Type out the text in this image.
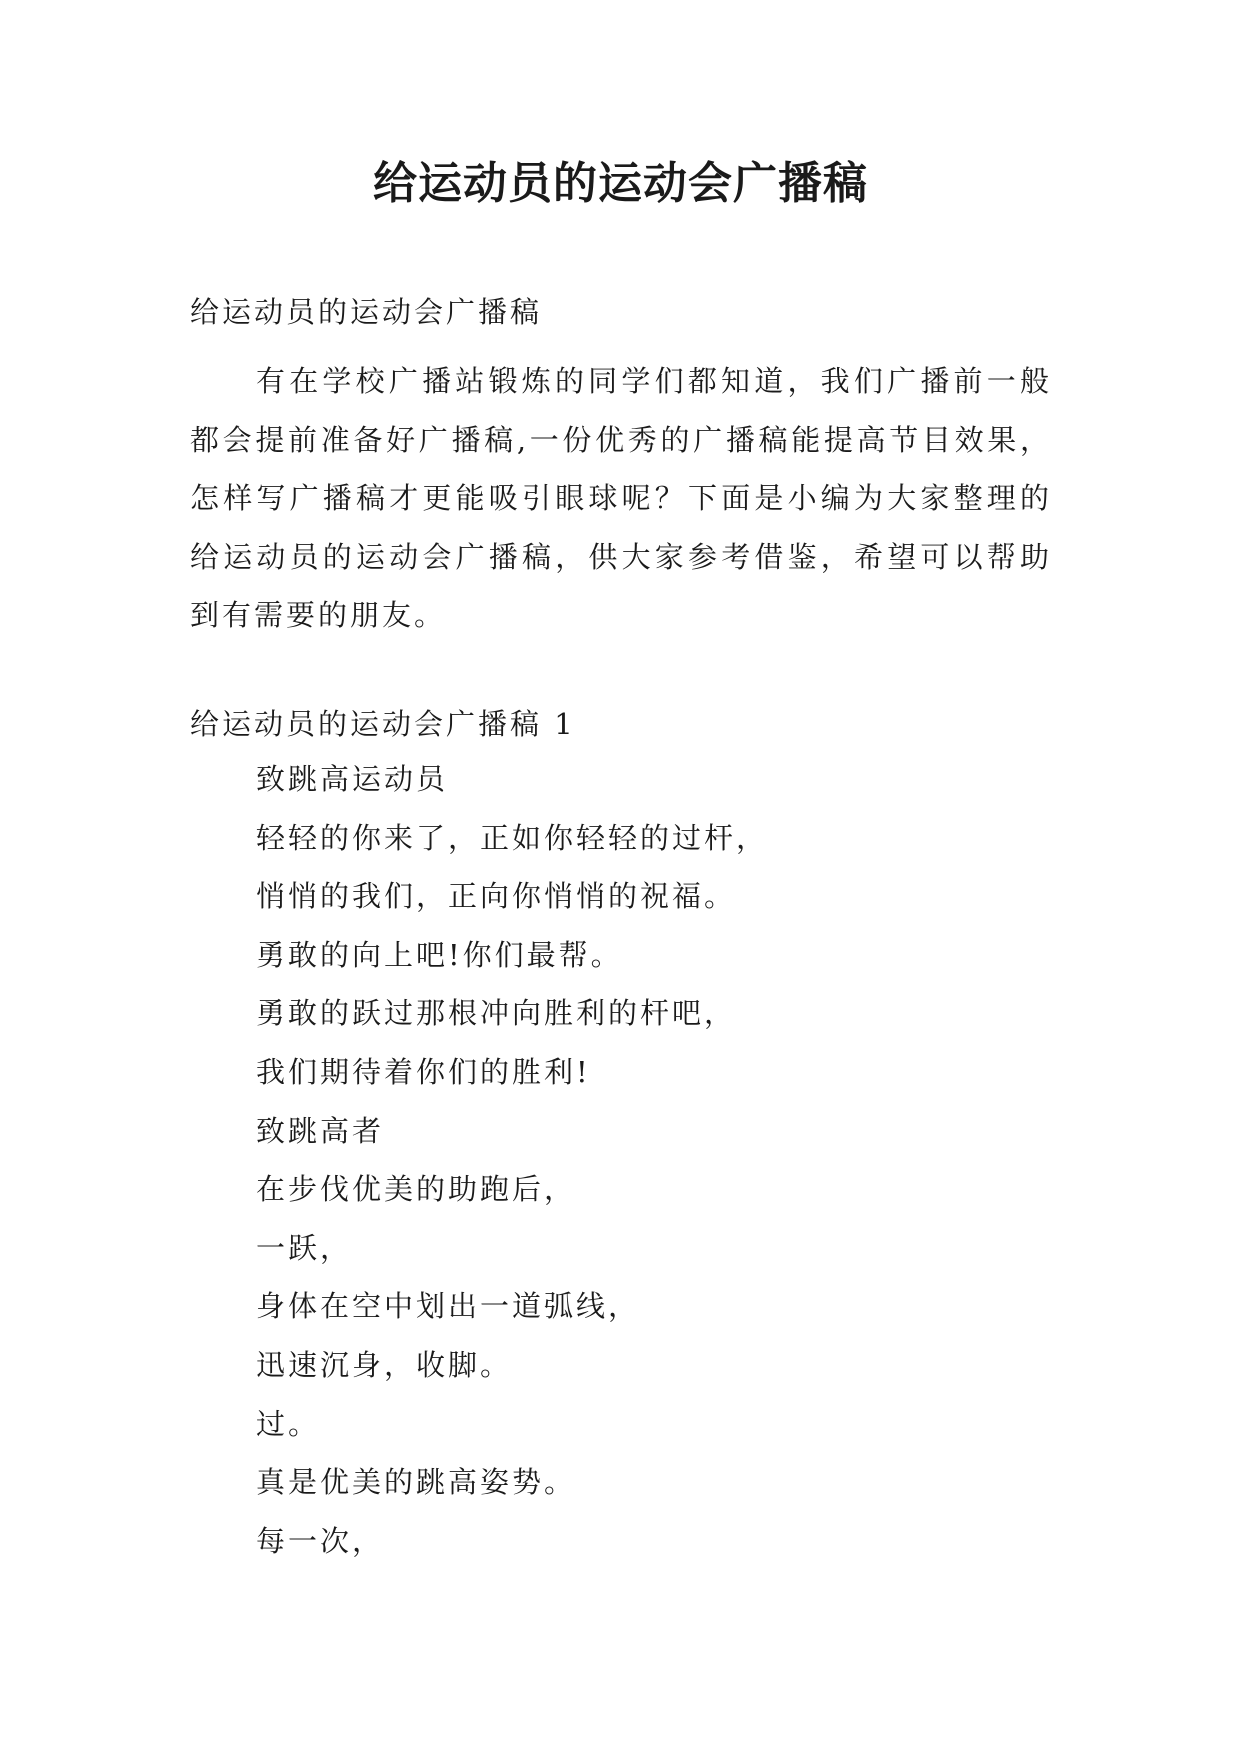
给运动员的运动会广播稿

给运动员的运动会广播稿

有在学校广播站锻炼的同学们都知道，我们广播前一般都会提前准备好广播稿,一份优秀的广播稿能提高节目效果，怎样写广播稿才更能吸引眼球呢？下面是小编为大家整理的给运动员的运动会广播稿，供大家参考借鉴，希望可以帮助到有需要的朋友。

给运动员的运动会广播稿 1

致跳高运动员
轻轻的你来了，正如你轻轻的过杆，
悄悄的我们，正向你悄悄的祝福。
勇敢的向上吧!你们最帮。
勇敢的跃过那根冲向胜利的杆吧，
我们期待着你们的胜利!
致跳高者
在步伐优美的助跑后，
一跃，
身体在空中划出一道弧线，
迅速沉身，收脚。
过。
真是优美的跳高姿势。
每一次，
